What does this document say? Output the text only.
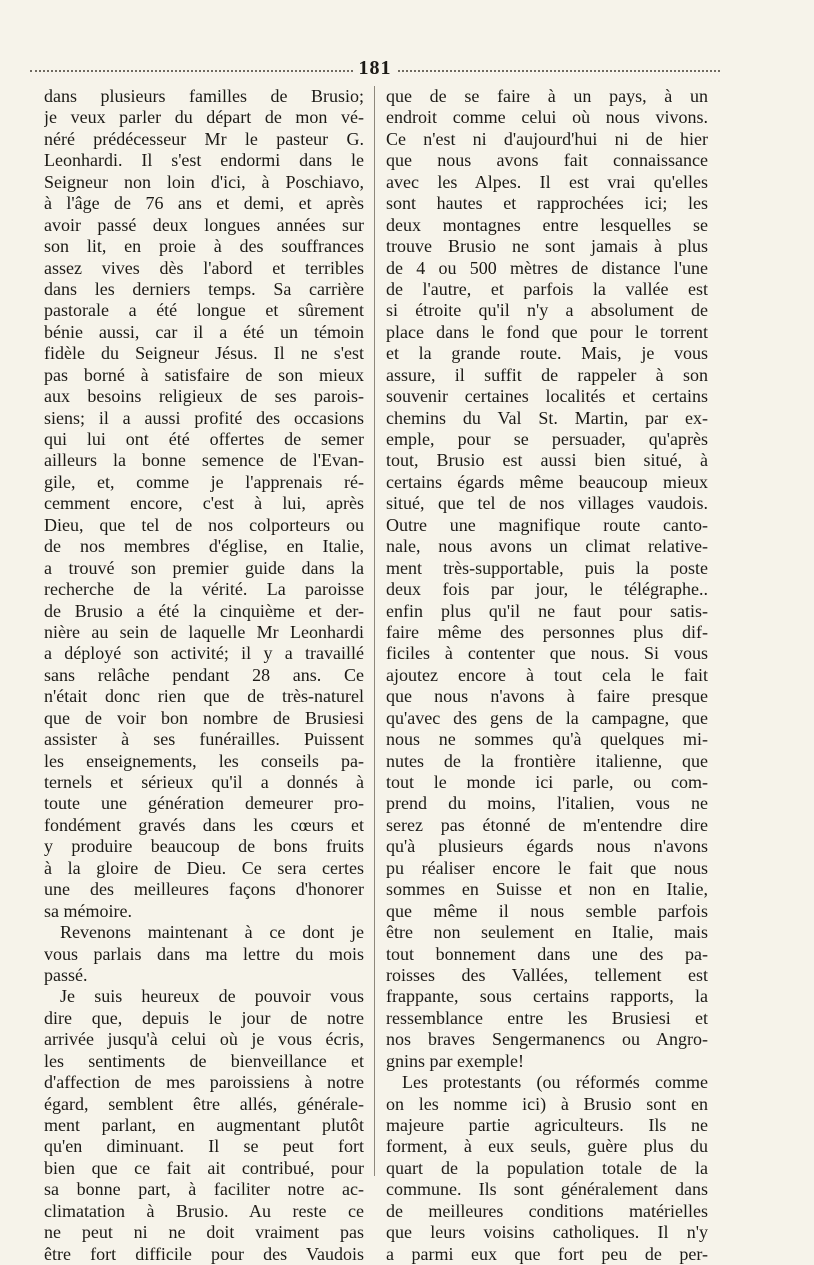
181
dans plusieurs familles de Brusio;
je veux parler du départ de mon vé-
néré prédécesseur Mr le pasteur G.
Leonhardi. Il s'est endormi dans le
Seigneur non loin d'ici, à Poschiavo,
à l'âge de 76 ans et demi, et après
avoir passé deux longues années sur
son lit, en proie à des souffrances
assez vives dès l'abord et terribles
dans les derniers temps. Sa carrière
pastorale a été longue et sûrement
bénie aussi, car il a été un témoin
fidèle du Seigneur Jésus. Il ne s'est
pas borné à satisfaire de son mieux
aux besoins religieux de ses parois-
siens; il a aussi profité des occasions
qui lui ont été offertes de semer
ailleurs la bonne semence de l'Evan-
gile, et, comme je l'apprenais ré-
cemment encore, c'est à lui, après
Dieu, que tel de nos colporteurs ou
de nos membres d'église, en Italie,
a trouvé son premier guide dans la
recherche de la vérité. La paroisse
de Brusio a été la cinquième et der-
nière au sein de laquelle Mr Leonhardi
a déployé son activité; il y a travaillé
sans relâche pendant 28 ans. Ce
n'était donc rien que de très-naturel
que de voir bon nombre de Brusiesi
assister à ses funérailles. Puissent
les enseignements, les conseils pa-
ternels et sérieux qu'il a donnés à
toute une génération demeurer pro-
fondément gravés dans les cœurs et
y produire beaucoup de bons fruits
à la gloire de Dieu. Ce sera certes
une des meilleures façons d'honorer
sa mémoire.
Revenons maintenant à ce dont je
vous parlais dans ma lettre du mois
passé.
Je suis heureux de pouvoir vous
dire que, depuis le jour de notre
arrivée jusqu'à celui où je vous écris,
les sentiments de bienveillance et
d'affection de mes paroissiens à notre
égard, semblent être allés, générale-
ment parlant, en augmentant plutôt
qu'en diminuant. Il se peut fort
bien que ce fait ait contribué, pour
sa bonne part, à faciliter notre ac-
climatation à Brusio. Au reste ce
ne peut ni ne doit vraiment pas
être fort difficile pour des Vaudois
que de se faire à un pays, à un
endroit comme celui où nous vivons.
Ce n'est ni d'aujourd'hui ni de hier
que nous avons fait connaissance
avec les Alpes. Il est vrai qu'elles
sont hautes et rapprochées ici; les
deux montagnes entre lesquelles se
trouve Brusio ne sont jamais à plus
de 4 ou 500 mètres de distance l'une
de l'autre, et parfois la vallée est
si étroite qu'il n'y a absolument de
place dans le fond que pour le torrent
et la grande route. Mais, je vous
assure, il suffit de rappeler à son
souvenir certaines localités et certains
chemins du Val St. Martin, par ex-
emple, pour se persuader, qu'après
tout, Brusio est aussi bien situé, à
certains égards même beaucoup mieux
situé, que tel de nos villages vaudois.
Outre une magnifique route canto-
nale, nous avons un climat relative-
ment très-supportable, puis la poste
deux fois par jour, le télégraphe..
enfin plus qu'il ne faut pour satis-
faire même des personnes plus dif-
ficiles à contenter que nous. Si vous
ajoutez encore à tout cela le fait
que nous n'avons à faire presque
qu'avec des gens de la campagne, que
nous ne sommes qu'à quelques mi-
nutes de la frontière italienne, que
tout le monde ici parle, ou com-
prend du moins, l'italien, vous ne
serez pas étonné de m'entendre dire
qu'à plusieurs égards nous n'avons
pu réaliser encore le fait que nous
sommes en Suisse et non en Italie,
que même il nous semble parfois
être non seulement en Italie, mais
tout bonnement dans une des pa-
roisses des Vallées, tellement est
frappante, sous certains rapports, la
ressemblance entre les Brusiesi et
nos braves Sengermanencs ou Angro-
gnins par exemple!
Les protestants (ou réformés comme
on les nomme ici) à Brusio sont en
majeure partie agriculteurs. Ils ne
forment, à eux seuls, guère plus du
quart de la population totale de la
commune. Ils sont généralement dans
de meilleures conditions matérielles
que leurs voisins catholiques. Il n'y
a parmi eux que fort peu de per-
